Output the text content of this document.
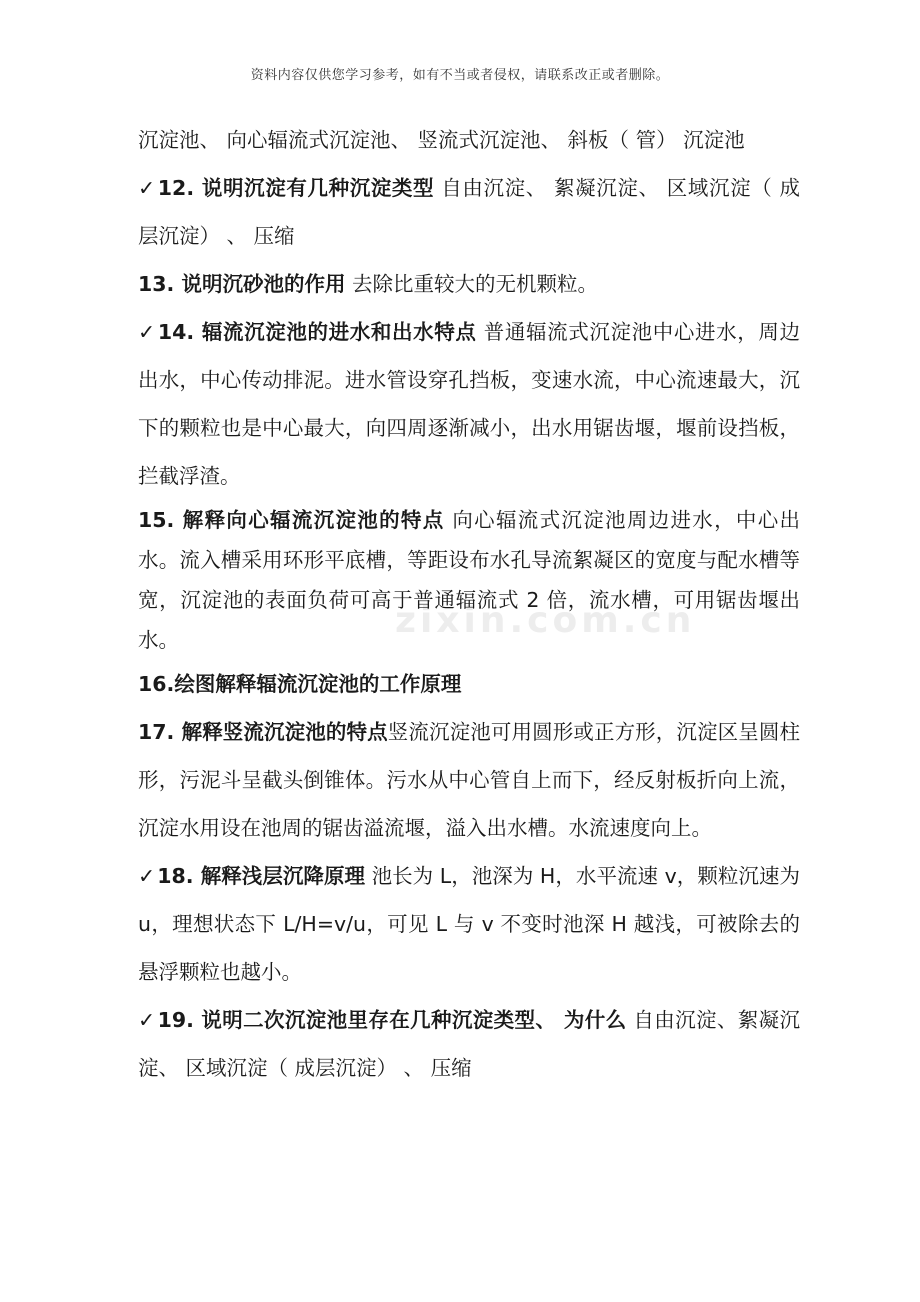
资料内容仅供您学习参考，如有不当或者侵权，请联系改正或者删除。
zixin.com.cn

沉淀池、 向心辐流式沉淀池、 竖流式沉淀池、 斜板（ 管） 沉淀池

✓12. 说明沉淀有几种沉淀类型 自由沉淀、 絮凝沉淀、 区域沉淀（ 成层沉淀） 、 压缩

13. 说明沉砂池的作用 去除比重较大的无机颗粒。

✓14. 辐流沉淀池的进水和出水特点 普通辐流式沉淀池中心进水，周边出水，中心传动排泥。进水管设穿孔挡板，变速水流，中心流速最大，沉下的颗粒也是中心最大，向四周逐渐减小，出水用锯齿堰，堰前设挡板，拦截浮渣。

15. 解释向心辐流沉淀池的特点 向心辐流式沉淀池周边进水，中心出水。流入槽采用环形平底槽，等距设布水孔导流絮凝区的宽度与配水槽等宽，沉淀池的表面负荷可高于普通辐流式 2 倍，流水槽，可用锯齿堰出水。

16.绘图解释辐流沉淀池的工作原理

17. 解释竖流沉淀池的特点竖流沉淀池可用圆形或正方形，沉淀区呈圆柱形，污泥斗呈截头倒锥体。污水从中心管自上而下，经反射板折向上流，沉淀水用设在池周的锯齿溢流堰，溢入出水槽。水流速度向上。

✓18. 解释浅层沉降原理 池长为 L，池深为 H，水平流速 v，颗粒沉速为 u，理想状态下 L/H=v/u，可见 L 与 v 不变时池深 H 越浅，可被除去的悬浮颗粒也越小。

✓19. 说明二次沉淀池里存在几种沉淀类型、 为什么 自由沉淀、絮凝沉淀、 区域沉淀（ 成层沉淀） 、 压缩
